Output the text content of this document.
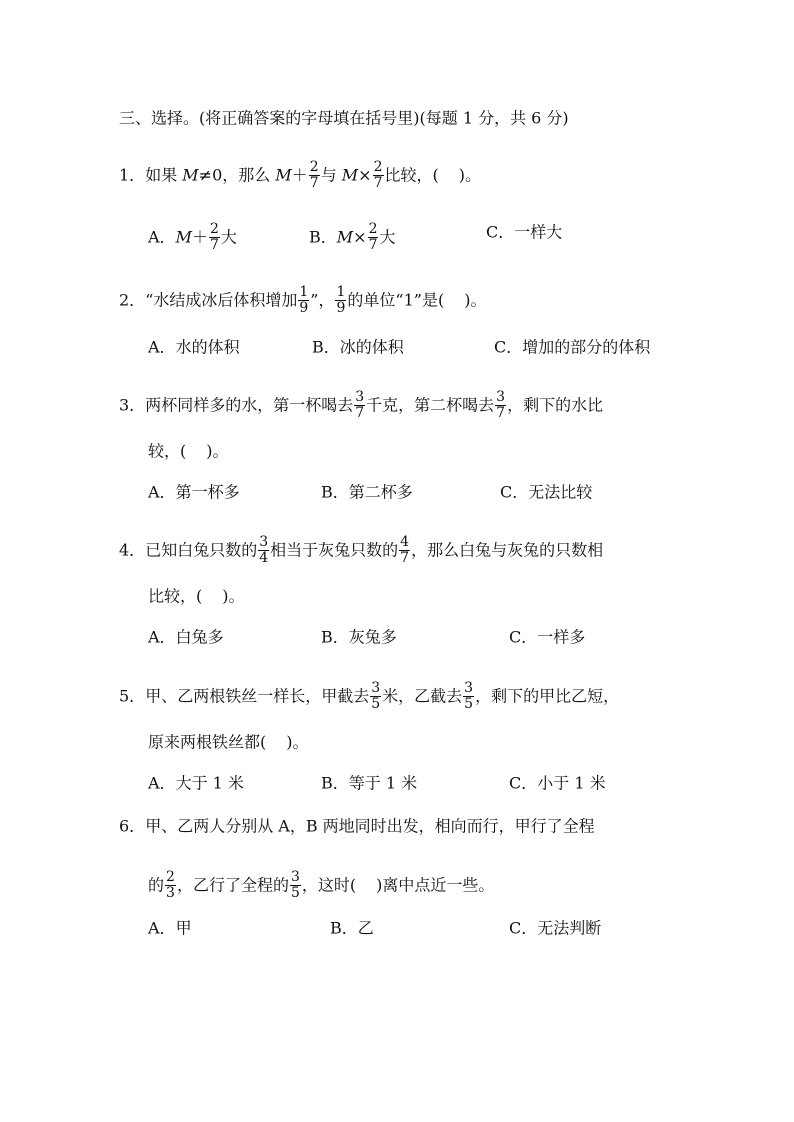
三、选择。(将正确答案的字母填在括号里)(每题 1 分，共 6 分)
1．如果 M≠0，那么 $M+ \frac{2}{7}$ 与 $M\times \frac{2}{7}$ 比较，( )。
A．$M+ \frac{2}{7}$ 大	B．$M\times \frac{2}{7}$ 大	C．一样大
2．“水结成冰后体积增加 $\frac{1}{9}$ ”， $\frac{1}{9}$ 的单位“1”是( )。
A．水的体积	B．冰的体积	C．增加的部分的体积
3．两杯同样多的水，第一杯喝去 $\frac{3}{7}$ 千克，第二杯喝去 $\frac{3}{7}$ ，剩下的水比
较，( )。
A．第一杯多	B．第二杯多	C．无法比较
4．已知白兔只数的 $\frac{3}{4}$ 相当于灰兔只数的 $\frac{4}{7}$ ，那么白兔与灰兔的只数相
比较，( )。
A．白兔多	B．灰兔多	C．一样多
5．甲、乙两根铁丝一样长，甲截去 $\frac{3}{5}$ 米，乙截去 $\frac{3}{5}$ ，剩下的甲比乙短，
原来两根铁丝都( )。
A．大于 1 米	B．等于 1 米	C．小于 1 米
6．甲、乙两人分别从 A，B 两地同时出发，相向而行，甲行了全程
的 $\frac{2}{3}$ ，乙行了全程的 $\frac{3}{5}$ ，这时( )离中点近一些。
A．甲	B．乙	C．无法判断
